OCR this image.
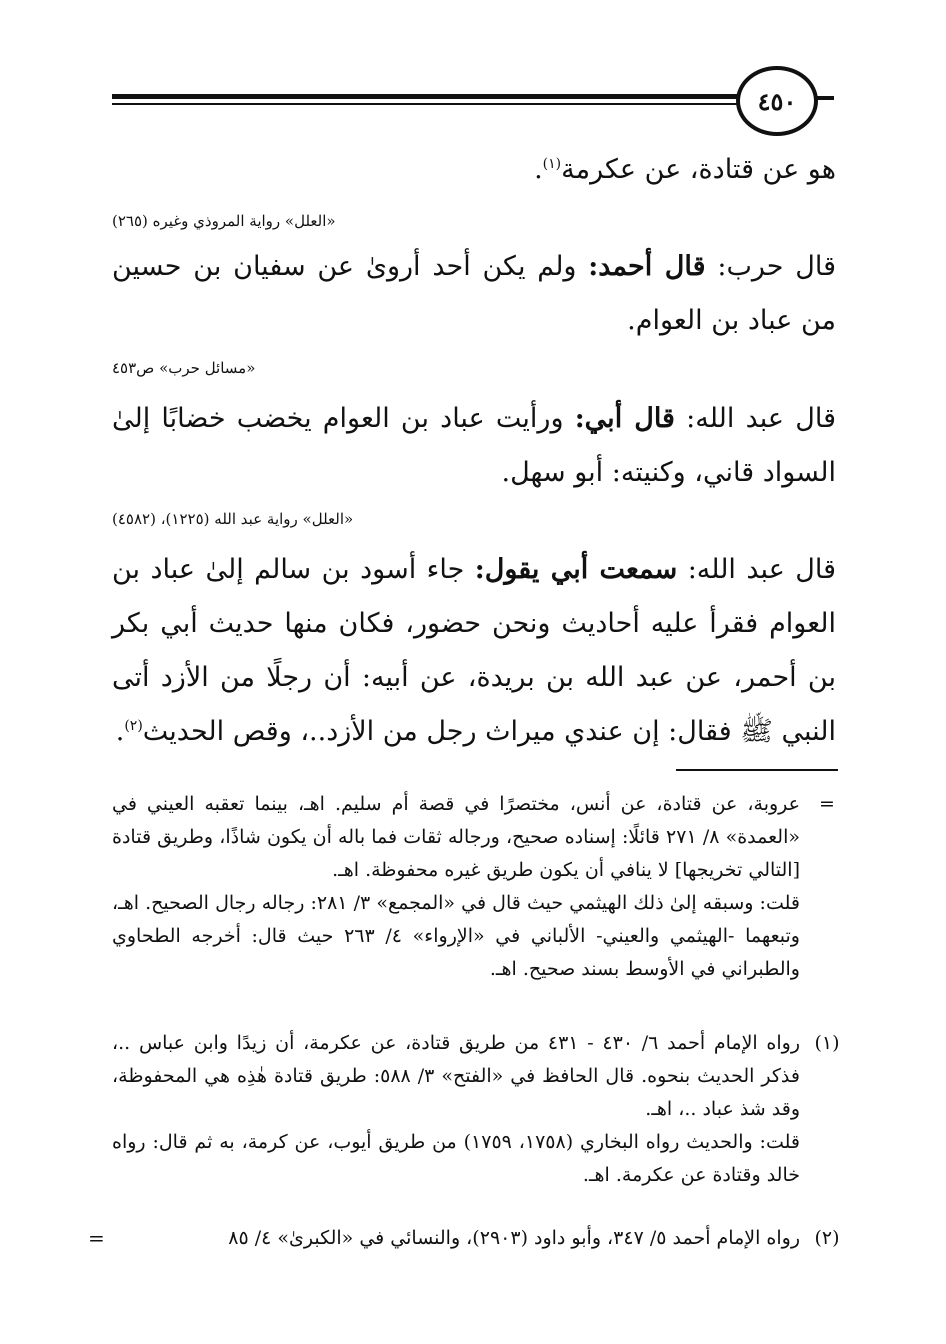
٤٥٠
هو عن قتادة، عن عكرمة$^{(١)}$.
«العلل» رواية المروذي وغيره (٢٦٥)
قال حرب: قال أحمد: ولم يكن أحد أروىٰ عن سفيان بن حسين من عباد بن العوام.
«مسائل حرب» ص٤٥٣
قال عبد الله: قال أبي: ورأيت عباد بن العوام يخضب خضابًا إلىٰ السواد قاني، وكنيته: أبو سهل.
«العلل» رواية عبد الله (١٢٢٥)، (٤٥٨٢)
قال عبد الله: سمعت أبي يقول: جاء أسود بن سالم إلىٰ عباد بن العوام فقرأ عليه أحاديث ونحن حضور، فكان منها حديث أبي بكر بن أحمر، عن عبد الله بن بريدة، عن أبيه: أن رجلًا من الأزد أتى النبي ﷺ فقال: إن عندي ميراث رجل من الأزد..، وقص الحديث$^{(٢)}$.
=
عروبة، عن قتادة، عن أنس، مختصرًا في قصة أم سليم. اهـ، بينما تعقبه العيني في «العمدة» ٨/ ٢٧١ قائلًا: إسناده صحيح، ورجاله ثقات فما باله أن يكون شاذًا، وطريق قتادة [التالي تخريجها] لا ينافي أن يكون طريق غيره محفوظة. اهـ.
قلت: وسبقه إلىٰ ذلك الهيثمي حيث قال في «المجمع» ٣/ ٢٨١: رجاله رجال الصحيح. اهـ، وتبعهما -الهيثمي والعيني- الألباني في «الإرواء» ٤/ ٢٦٣ حيث قال: أخرجه الطحاوي والطبراني في الأوسط بسند صحيح. اهـ.
(١)
رواه الإمام أحمد ٦/ ٤٣٠ - ٤٣١ من طريق قتادة، عن عكرمة، أن زيدًا وابن عباس ..، فذكر الحديث بنحوه. قال الحافظ في «الفتح» ٣/ ٥٨٨: طريق قتادة هٰذِه هي المحفوظة، وقد شذ عباد ..، اهـ.
قلت: والحديث رواه البخاري (١٧٥٨، ١٧٥٩) من طريق أيوب، عن كرمة، به ثم قال: رواه خالد وقتادة عن عكرمة. اهـ.
(٢)
رواه الإمام أحمد ٥/ ٣٤٧، وأبو داود (٢٩٠٣)، والنسائي في «الكبرىٰ» ٤/ ٨٥
=
